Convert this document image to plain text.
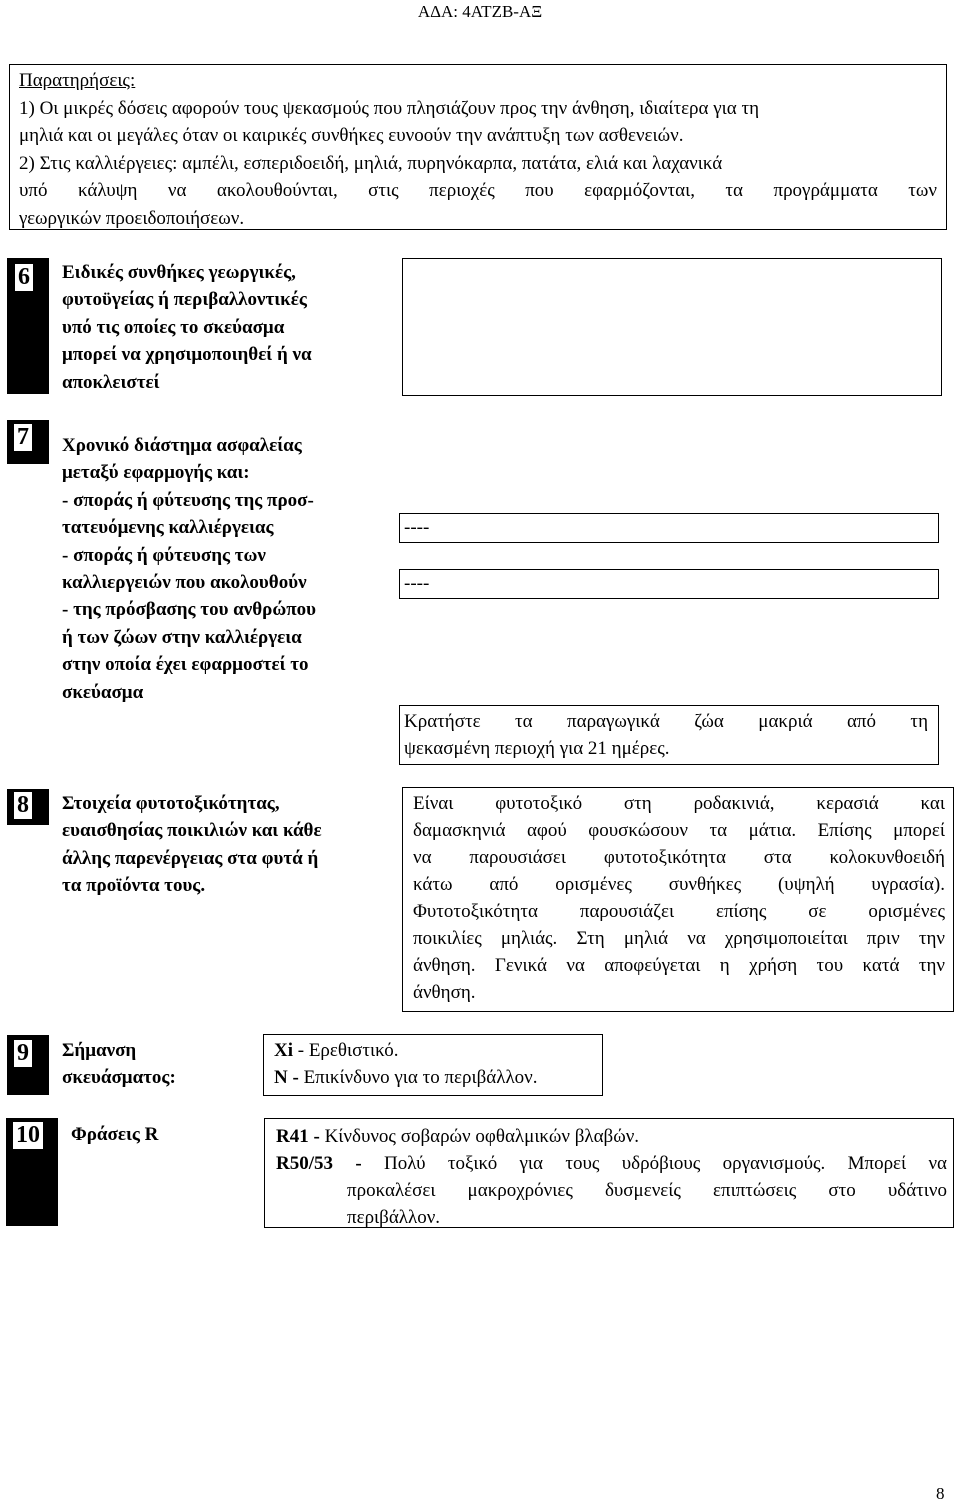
ΑΔΑ: 4ΑΤΖΒ-ΑΞ
Παρατηρήσεις:
1) Οι μικρές δόσεις αφορούν τους ψεκασμούς που πλησιάζουν προς την άνθηση, ιδιαίτερα για τη
μηλιά και οι μεγάλες όταν οι καιρικές συνθήκες ευνοούν την ανάπτυξη των ασθενειών.
2) Στις καλλιέργειες: αμπέλι, εσπεριδοειδή, μηλιά, πυρηνόκαρπα, πατάτα, ελιά και λαχανικά
υπό κάλυψη να ακολουθούνται, στις περιοχές που εφαρμόζονται, τα προγράμματα των
γεωργικών προειδοποιήσεων.
6 Ειδικές συνθήκες γεωργικές,
φυτοϋγείας ή περιβαλλοντικές
υπό τις οποίες το σκεύασμα
μπορεί να χρησιμοποιηθεί ή να
αποκλειστεί
7 Χρονικό διάστημα ασφαλείας
μεταξύ εφαρμογής και:
- σποράς ή φύτευσης της προσ-
τατευόμενης καλλιέργειας
- σποράς ή φύτευσης των
καλλιεργειών που ακολουθούν
- της πρόσβασης του ανθρώπου
ή των ζώων στην καλλιέργεια
στην οποία έχει εφαρμοστεί το
σκεύασμα
----
----
Κρατήστε τα παραγωγικά ζώα μακριά από τη
ψεκασμένη περιοχή για 21 ημέρες.
8 Στοιχεία φυτοτοξικότητας,
ευαισθησίας ποικιλιών και κάθε
άλλης παρενέργειας στα φυτά ή
τα προϊόντα τους.
Είναι φυτοτοξικό στη ροδακινιά, κερασιά και
δαμασκηνιά αφού φουσκώσουν τα μάτια. Επίσης μπορεί
να παρουσιάσει φυτοτοξικότητα στα κολοκυνθοειδή
κάτω από ορισμένες συνθήκες (υψηλή υγρασία).
Φυτοτοξικότητα παρουσιάζει επίσης σε ορισμένες
ποικιλίες μηλιάς. Στη μηλιά να χρησιμοποιείται πριν την
άνθηση. Γενικά να αποφεύγεται η χρήση του κατά την
άνθηση.
9 Σήμανση
σκευάσματος:
Xi - Ερεθιστικό.
N - Επικίνδυνο για το περιβάλλον.
10 Φράσεις R	R41 - Κίνδυνος σοβαρών οφθαλμικών βλαβών.
R50/53 - Πολύ τοξικό για τους υδρόβιους οργανισμούς. Μπορεί να
προκαλέσει μακροχρόνιες δυσμενείς επιπτώσεις στο υδάτινο
περιβάλλον.
8
